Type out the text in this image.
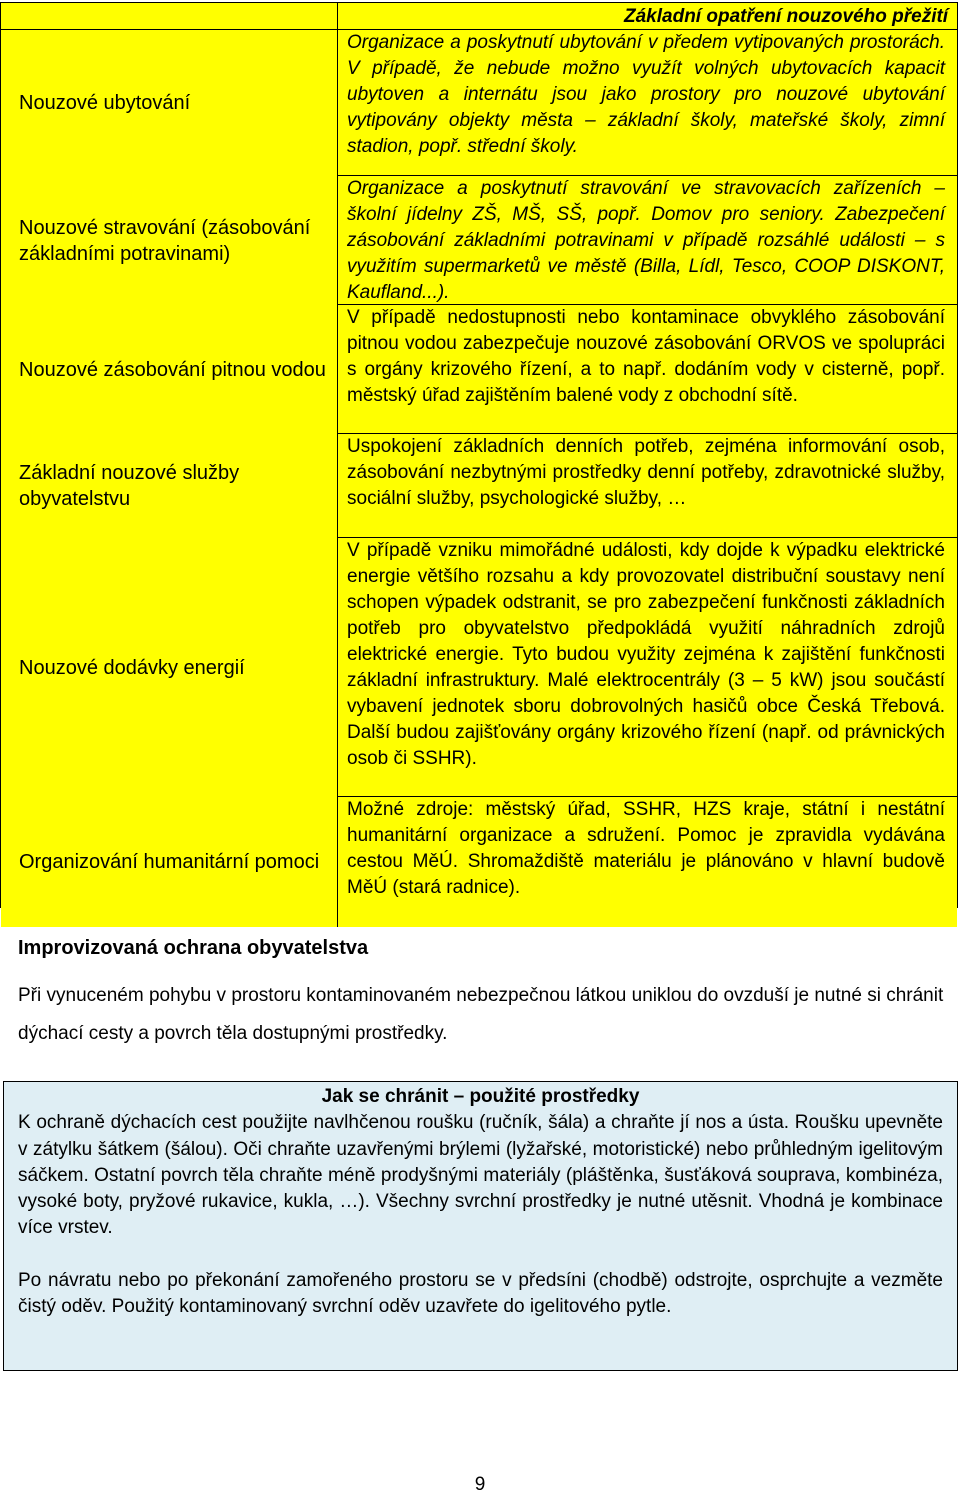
Základní opatření nouzového přežití
Nouzové ubytování
Organizace a poskytnutí ubytování v předem vytipovaných prostorách. V případě, že nebude možno využít volných ubytovacích kapacit ubytoven a internátu jsou jako prostory pro nouzové ubytování vytipovány objekty města – základní školy, mateřské školy, zimní stadion, popř. střední školy.
Nouzové stravování (zásobování základními potravinami)
Organizace a poskytnutí stravování ve stravovacích zařízeních – školní jídelny ZŠ, MŠ, SŠ, popř. Domov pro seniory. Zabezpečení zásobování základními potravinami v případě rozsáhlé události – s využitím supermarketů ve městě (Billa, Lídl, Tesco, COOP DISKONT, Kaufland...).
Nouzové zásobování pitnou vodou
V případě nedostupnosti nebo kontaminace obvyklého zásobování pitnou vodou zabezpečuje nouzové zásobování ORVOS ve spolupráci s orgány krizového řízení, a to např. dodáním vody v cisterně, popř. městský úřad zajištěním balené vody z obchodní sítě.
Základní nouzové služby obyvatelstvu
Uspokojení základních denních potřeb, zejména informování osob, zásobování nezbytnými prostředky denní potřeby, zdravotnické služby, sociální služby, psychologické služby, …
Nouzové dodávky energií
V případě vzniku mimořádné události, kdy dojde k výpadku elektrické energie většího rozsahu a kdy provozovatel distribuční soustavy není schopen výpadek odstranit, se pro zabezpečení funkčnosti základních potřeb pro obyvatelstvo předpokládá využití náhradních zdrojů elektrické energie. Tyto budou využity zejména k zajištění funkčnosti základní infrastruktury. Malé elektrocentrály (3 – 5 kW) jsou součástí vybavení jednotek sboru dobrovolných hasičů obce Česká Třebová. Další budou zajišťovány orgány krizového řízení (např. od právnických osob či SSHR).
Organizování humanitární pomoci
Možné zdroje: městský úřad, SSHR, HZS kraje, státní i nestátní humanitární organizace a sdružení. Pomoc je zpravidla vydávána cestou MěÚ. Shromaždiště materiálu je plánováno v hlavní budově MěÚ (stará radnice).
Improvizovaná ochrana obyvatelstva
Při vynuceném pohybu v prostoru kontaminovaném nebezpečnou látkou uniklou do ovzduší je nutné si chránit dýchací cesty a povrch těla dostupnými prostředky.
Jak se chránit – použité prostředky

K ochraně dýchacích cest použijte navlhčenou roušku (ručník, šála) a chraňte jí nos a ústa. Roušku upevněte v zátylku šátkem (šálou). Oči chraňte uzavřenými brýlemi (lyžařské, motoristické) nebo průhledným igelitovým sáčkem. Ostatní povrch těla chraňte méně prodyšnými materiály (pláštěnka, šusťáková souprava, kombinéza, vysoké boty, pryžové rukavice, kukla, …). Všechny svrchní prostředky je nutné utěsnit. Vhodná je kombinace více vrstev.

Po návratu nebo po překonání zamořeného prostoru se v předsíni (chodbě) odstrojte, osprchujte a vezměte čistý oděv. Použitý kontaminovaný svrchní oděv uzavřete do igelitového pytle.

9
